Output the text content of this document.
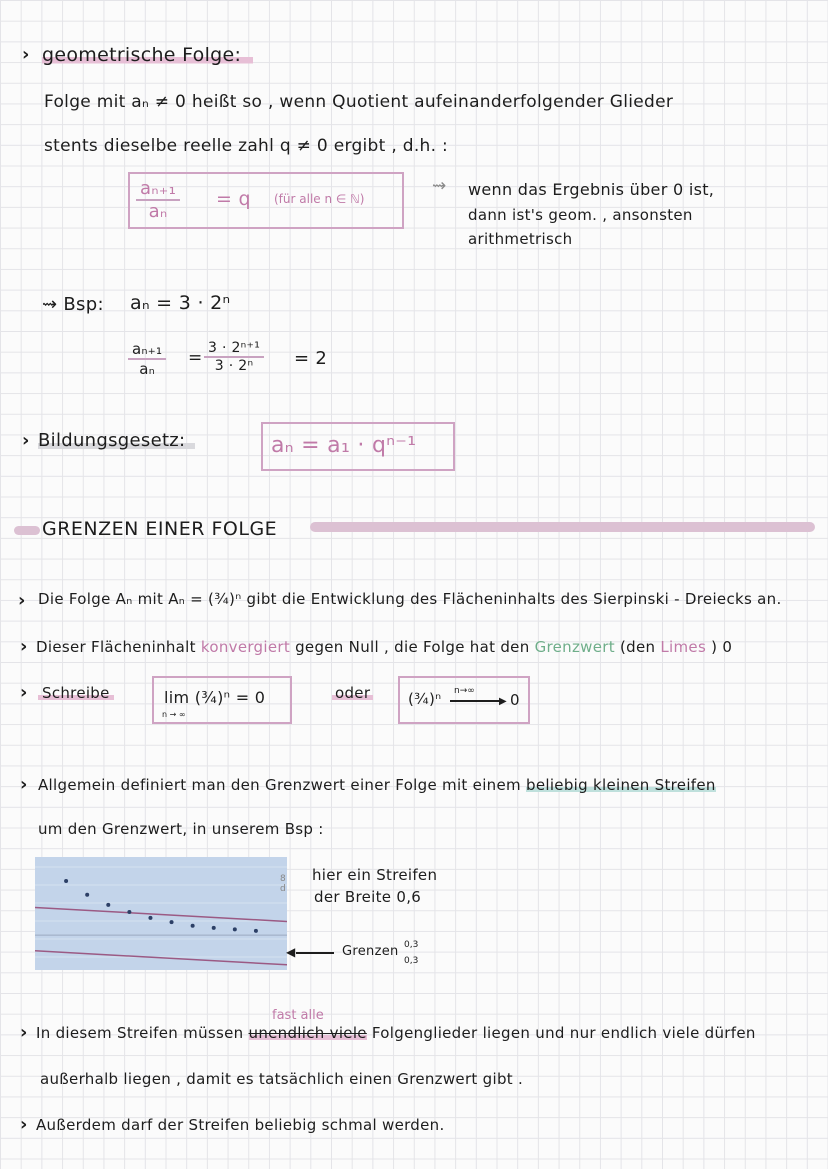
› geometrische Folge:
Folge mit aₙ ≠ 0 heißt so , wenn Quotient aufeinanderfolgender Glieder
stents dieselbe reelle zahl q ≠ 0 ergibt , d.h. :
$\frac{\text{aₙ₊₁}}{\text{aₙ}} = q$ (für alle n ∈ ℕ)
⇝ wenn das Ergebnis über 0 ist,
dann ist's geom. , ansonsten
arithmetrisch
⇝ Bsp: aₙ = 3 · 2ⁿ
$\frac{\text{aₙ₊₁}}{\text{aₙ}} = \frac{\text{3 · 2ⁿ⁺¹}}{\text{3 · 2ⁿ}} = 2$
› Bildungsgesetz:	aₙ = a₁ · qⁿ⁻¹
GRENZEN EINER FOLGE
› Die Folge Aₙ mit Aₙ = (¾)ⁿ gibt die Entwicklung des Flächeninhalts des Sierpinski - Dreiecks an.
› Dieser Flächeninhalt konvergiert gegen Null , die Folge hat den Grenzwert (den Limes ) 0
› Schreibe	lim (¾)ⁿ = 0
n → ∞
oder	(¾)ⁿ n→∞
▶ 0
› Allgemein definiert man den Grenzwert einer Folge mit einem beliebig kleinen Streifen
um den Grenzwert, in unserem Bsp :
8
d
hier ein Streifen
der Breite 0,6
◀	Grenzen 0,3
0,3
fast alle
› In diesem Streifen müssen unendlich viele Folgenglieder liegen und nur endlich viele dürfen
außerhalb liegen , damit es tatsächlich einen Grenzwert gibt .
› Außerdem darf der Streifen beliebig schmal werden.
